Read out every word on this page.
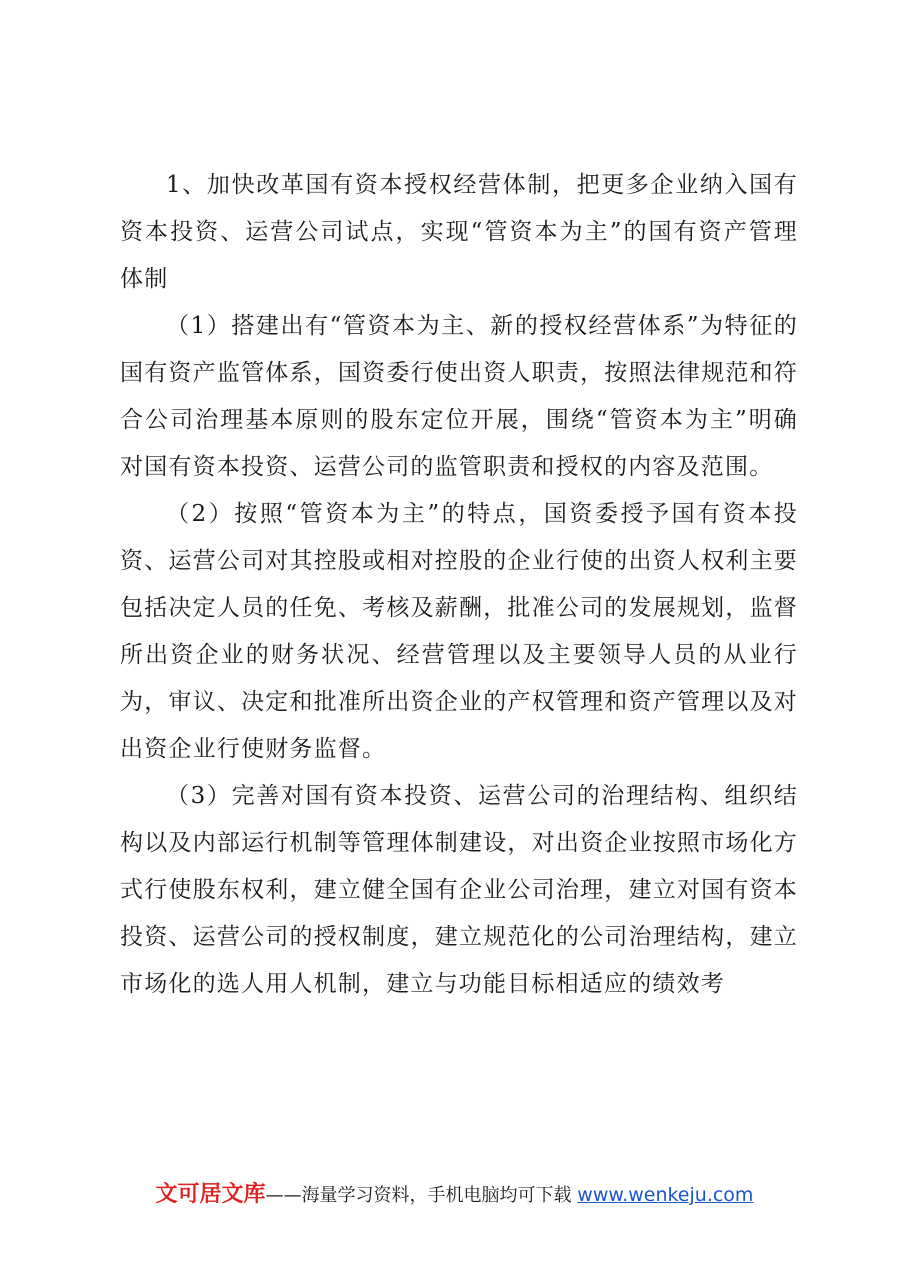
1、加快改革国有资本授权经营体制，把更多企业纳入国有资本投资、运营公司试点，实现“管资本为主”的国有资产管理体制

（1）搭建出有“管资本为主、新的授权经营体系”为特征的国有资产监管体系，国资委行使出资人职责，按照法律规范和符合公司治理基本原则的股东定位开展，围绕“管资本为主”明确对国有资本投资、运营公司的监管职责和授权的内容及范围。

（2）按照“管资本为主”的特点，国资委授予国有资本投资、运营公司对其控股或相对控股的企业行使的出资人权利主要包括决定人员的任免、考核及薪酬，批准公司的发展规划，监督所出资企业的财务状况、经营管理以及主要领导人员的从业行为，审议、决定和批准所出资企业的产权管理和资产管理以及对出资企业行使财务监督。

（3）完善对国有资本投资、运营公司的治理结构、组织结构以及内部运行机制等管理体制建设，对出资企业按照市场化方式行使股东权利，建立健全国有企业公司治理，建立对国有资本投资、运营公司的授权制度，建立规范化的公司治理结构，建立市场化的选人用人机制，建立与功能目标相适应的绩效考

文可居文库——海量学习资料，手机电脑均可下载 www.wenkeju.com
